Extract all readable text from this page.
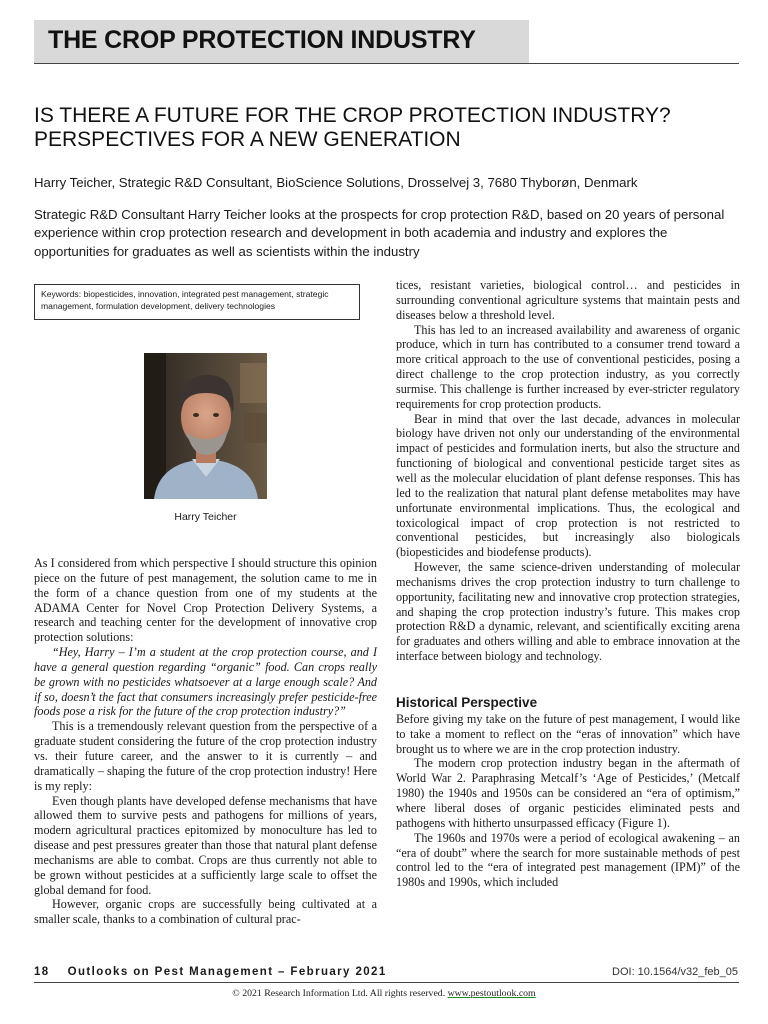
THE CROP PROTECTION INDUSTRY
IS THERE A FUTURE FOR THE CROP PROTECTION INDUSTRY?
PERSPECTIVES FOR A NEW GENERATION
Harry Teicher, Strategic R&D Consultant, BioScience Solutions, Drosselvej 3, 7680 Thyborøn, Denmark
Strategic R&D Consultant Harry Teicher looks at the prospects for crop protection R&D, based on 20 years of personal experience within crop protection research and development in both academia and industry and explores the opportunities for graduates as well as scientists within the industry
Keywords: biopesticides, innovation, integrated pest management, strategic management, formulation development, delivery technologies
Harry Teicher

As I considered from which perspective I should structure this opinion piece on the future of pest management, the solution came to me in the form of a chance question from one of my students at the ADAMA Center for Novel Crop Protection Delivery Systems, a research and teaching center for the development of innovative crop protection solutions:

“Hey, Harry – I’m a student at the crop protection course, and I have a general question regarding “organic” food. Can crops really be grown with no pesticides whatsoever at a large enough scale? And if so, doesn’t the fact that consumers increasingly prefer pesticide-free foods pose a risk for the future of the crop protection industry?”

This is a tremendously relevant question from the perspective of a graduate student considering the future of the crop protection industry vs. their future career, and the answer to it is currently – and dramatically – shaping the future of the crop protection industry! Here is my reply:

Even though plants have developed defense mechanisms that have allowed them to survive pests and pathogens for millions of years, modern agricultural practices epitomized by monoculture has led to disease and pest pressures greater than those that natural plant defense mechanisms are able to combat. Crops are thus currently not able to be grown without pesticides at a sufficiently large scale to offset the global demand for food.

However, organic crops are successfully being cultivated at a smaller scale, thanks to a combination of cultural prac-

tices, resistant varieties, biological control… and pesticides in surrounding conventional agriculture systems that maintain pests and diseases below a threshold level.

This has led to an increased availability and awareness of organic produce, which in turn has contributed to a consumer trend toward a more critical approach to the use of conventional pesticides, posing a direct challenge to the crop protection industry, as you correctly surmise. This challenge is further increased by ever-stricter regulatory requirements for crop protection products.

Bear in mind that over the last decade, advances in molecular biology have driven not only our understanding of the environmental impact of pesticides and formulation inerts, but also the structure and functioning of biological and conventional pesticide target sites as well as the molecular elucidation of plant defense responses. This has led to the realization that natural plant defense metabolites may have unfortunate environmental implications. Thus, the ecological and toxicological impact of crop protection is not restricted to conventional pesticides, but increasingly also biologicals (biopesticides and biodefense products).

However, the same science-driven understanding of molecular mechanisms drives the crop protection industry to turn challenge to opportunity, facilitating new and innovative crop protection strategies, and shaping the crop protection industry’s future. This makes crop protection R&D a dynamic, relevant, and scientifically exciting arena for graduates and others willing and able to embrace innovation at the interface between biology and technology.

Historical Perspective

Before giving my take on the future of pest management, I would like to take a moment to reflect on the “eras of innovation” which have brought us to where we are in the crop protection industry.

The modern crop protection industry began in the aftermath of World War 2. Paraphrasing Metcalf’s ‘Age of Pesticides,’ (Metcalf 1980) the 1940s and 1950s can be considered an “era of optimism,” where liberal doses of organic pesticides eliminated pests and pathogens with hitherto unsurpassed efficacy (Figure 1).

The 1960s and 1970s were a period of ecological awakening – an “era of doubt” where the search for more sustainable methods of pest control led to the “era of integrated pest management (IPM)” of the 1980s and 1990s, which included

18 Outlooks on Pest Management – February 2021	DOI: 10.1564/v32_feb_05
© 2021 Research Information Ltd. All rights reserved. www.pestoutlook.com
